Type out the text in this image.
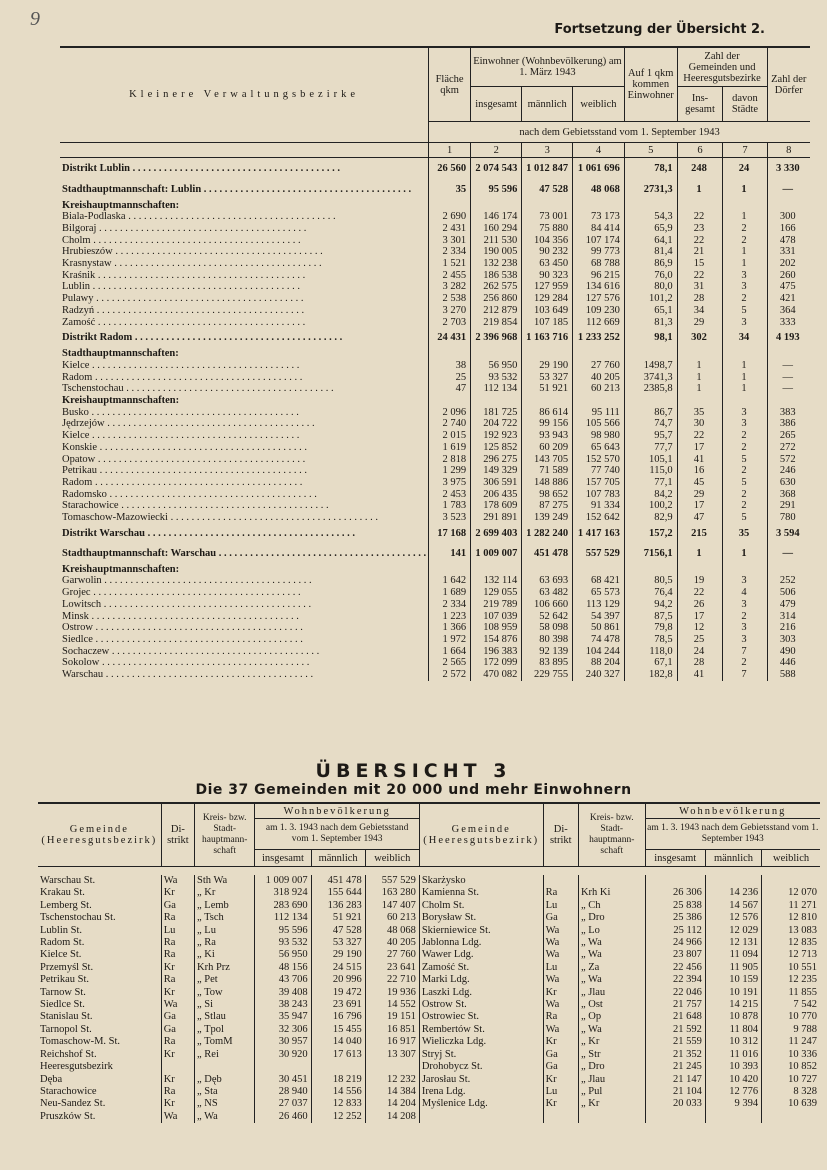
9	Fortsetzung der Übersicht 2.
Kleinere Verwaltungsbezirke	Fläche qkm	Einwohner (Wohnbevölkerung) am 1. März 1943			Auf 1 qkm kommen Einwohner	Zahl der Gemeinden und Heeresgutsbezirke		Zahl der Dörfer
		insgesamt	männlich	weiblich		Ins-gesamt	davon Städte	
	nach dem Gebietsstand vom 1. September 1943							
	1	2	3	4	5	6	7	8
Distrikt Lublin . . .	26 560	2 074 543	1 012 847	1 061 696	78,1	248	24	3 330
Stadthauptmannschaft: Lublin . . .	35	95 596	47 528	48 068	2731,3	1	1	—
Kreishauptmannschaften:								
Biala-Podlaska . . .	2 690	146 174	73 001	73 173	54,3	22	1	300
Bilgoraj . . .	2 431	160 294	75 880	84 414	65,9	23	2	166
Cholm . . .	3 301	211 530	104 356	107 174	64,1	22	2	478
Hrubieszów . . .	2 334	190 005	90 232	99 773	81,4	21	1	331
Krasnystaw . . .	1 521	132 238	63 450	68 788	86,9	15	1	202
Kraśnik . . .	2 455	186 538	90 323	96 215	76,0	22	3	260
Lublin . . .	3 282	262 575	127 959	134 616	80,0	31	3	475
Pulawy . . .	2 538	256 860	129 284	127 576	101,2	28	2	421
Radzyń . . .	3 270	212 879	103 649	109 230	65,1	34	5	364
Zamość . . .	2 703	219 854	107 185	112 669	81,3	29	3	333
Distrikt Radom . . .	24 431	2 396 968	1 163 716	1 233 252	98,1	302	34	4 193
Stadthauptmannschaften:								
Kielce . . .	38	56 950	29 190	27 760	1498,7	1	1	—
Radom . . .	25	93 532	53 327	40 205	3741,3	1	1	—
Tschenstochau . . .	47	112 134	51 921	60 213	2385,8	1	1	—
Kreishauptmannschaften:								
Busko . . .	2 096	181 725	86 614	95 111	86,7	35	3	383
Jędrzejów . . .	2 740	204 722	99 156	105 566	74,7	30	3	386
Kielce . . .	2 015	192 923	93 943	98 980	95,7	22	2	265
Konskie . . .	1 619	125 852	60 209	65 643	77,7	17	2	272
Opatow . . .	2 818	296 275	143 705	152 570	105,1	41	5	572
Petrikau . . .	1 299	149 329	71 589	77 740	115,0	16	2	246
Radom . . .	3 975	306 591	148 886	157 705	77,1	45	5	630
Radomsko . . .	2 453	206 435	98 652	107 783	84,2	29	2	368
Starachowice . . .	1 783	178 609	87 275	91 334	100,2	17	2	291
Tomaschow-Mazowiecki . . .	3 523	291 891	139 249	152 642	82,9	47	5	780
Distrikt Warschau . . .	17 168	2 699 403	1 282 240	1 417 163	157,2	215	35	3 594
Stadthauptmannschaft: Warschau . . .	141	1 009 007	451 478	557 529	7156,1	1	1	—
Kreishauptmannschaften:								
Garwolin . . .	1 642	132 114	63 693	68 421	80,5	19	3	252
Grojec . . .	1 689	129 055	63 482	65 573	76,4	22	4	506
Lowitsch . . .	2 334	219 789	106 660	113 129	94,2	26	3	479
Minsk . . .	1 223	107 039	52 642	54 397	87,5	17	2	314
Ostrow . . .	1 366	108 959	58 098	50 861	79,8	12	3	216
Siedlce . . .	1 972	154 876	80 398	74 478	78,5	25	3	303
Sochaczew . . .	1 664	196 383	92 139	104 244	118,0	24	7	490
Sokolow . . .	2 565	172 099	83 895	88 204	67,1	28	2	446
Warschau . . .	2 572	470 082	229 755	240 327	182,8	41	7	588
ÜBERSICHT 3
Die 37 Gemeinden mit 20 000 und mehr Einwohnern
Gemeinde (Heeresgutsbezirk)	Di-strikt	Kreis- bzw. Stadt-hauptmann-schaft	Wohnbevölkerung			Gemeinde (Heeresgutsbezirk)	Di-strikt	Kreis- bzw. Stadt-hauptmann-schaft	Wohnbevölkerung		
			am 1. 3. 1943 nach dem Gebietsstand vom 1. September 1943						am 1. 3. 1943 nach dem Gebietsstand vom 1. September 1943		
			insgesamt	männlich	weiblich				insgesamt	männlich	weiblich

Warschau St.	Wa	Sth Wa	1 009 007	451 478	557 529	Skarżysko					
Krakau St.	Kr	„ Kr	318 924	155 644	163 280	Kamienna St.	Ra	Krh Ki	26 306	14 236	12 070
Lemberg St.	Ga	„ Lemb	283 690	136 283	147 407	Cholm St.	Lu	„ Ch	25 838	14 567	11 271
Tschenstochau St.	Ra	„ Tsch	112 134	51 921	60 213	Borysław St.	Ga	„ Dro	25 386	12 576	12 810
Lublin St.	Lu	„ Lu	95 596	47 528	48 068	Skierniewice St.	Wa	„ Lo	25 112	12 029	13 083
Radom St.	Ra	„ Ra	93 532	53 327	40 205	Jablonna Ldg.	Wa	„ Wa	24 966	12 131	12 835
Kielce St.	Ra	„ Ki	56 950	29 190	27 760	Wawer Ldg.	Wa	„ Wa	23 807	11 094	12 713
Przemyśl St.	Kr	Krh Prz	48 156	24 515	23 641	Zamość St.	Lu	„ Za	22 456	11 905	10 551
Petrikau St.	Ra	„ Pet	43 706	20 996	22 710	Marki Ldg.	Wa	„ Wa	22 394	10 159	12 235
Tarnow St.	Kr	„ Tow	39 408	19 472	19 936	Laszki Ldg.	Kr	„ Jlau	22 046	10 191	11 855
Siedlce St.	Wa	„ Si	38 243	23 691	14 552	Ostrow St.	Wa	„ Ost	21 757	14 215	7 542
Stanislau St.	Ga	„ Stlau	35 947	16 796	19 151	Ostrowiec St.	Ra	„ Op	21 648	10 878	10 770
Tarnopol St.	Ga	„ Tpol	32 306	15 455	16 851	Rembertów St.	Wa	„ Wa	21 592	11 804	9 788
Tomaschow-M. St.	Ra	„ TomM	30 957	14 040	16 917	Wieliczka Ldg.	Kr	„ Kr	21 559	10 312	11 247
Reichshof St.	Kr	„ Rei	30 920	17 613	13 307	Stryj St.	Ga	„ Str	21 352	11 016	10 336
Heeresgutsbezirk						Drohobycz St.	Ga	„ Dro	21 245	10 393	10 852
Dęba	Kr	„ Dęb	30 451	18 219	12 232	Jarosłau St.	Kr	„ Jlau	21 147	10 420	10 727
Starachowice	Ra	„ Sta	28 940	14 556	14 384	Irena Ldg.	Lu	„ Pul	21 104	12 776	8 328
Neu-Sandez St.	Kr	„ NS	27 037	12 833	14 204	Myślenice Ldg.	Kr	„ Kr	20 033	9 394	10 639
Pruszków St.	Wa	„ Wa	26 460	12 252	14 208						
